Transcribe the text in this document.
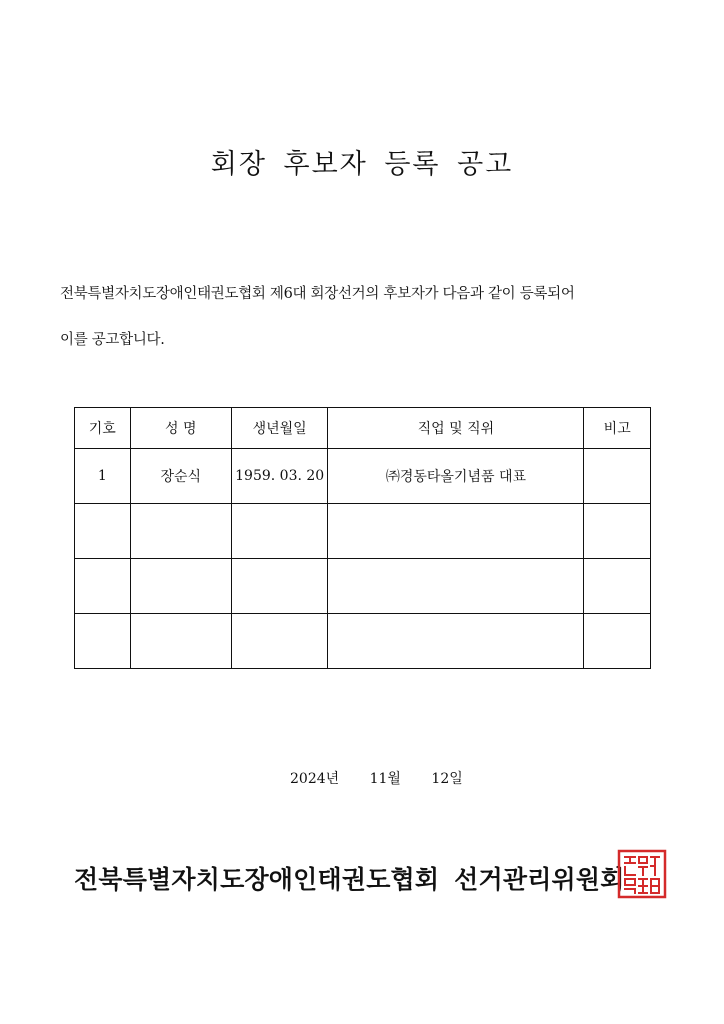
회장 후보자 등록 공고
전북특별자치도장애인태권도협회 제6대 회장선거의 후보자가 다음과 같이 등록되어
이를 공고합니다.
기호	성 명	생년월일	직업 및 직위	비고
1	장순식	1959. 03. 20	㈜경동타올기념품 대표	

2024년 11월 12일
전북특별자치도장애인태권도협회 선거관리위원회
